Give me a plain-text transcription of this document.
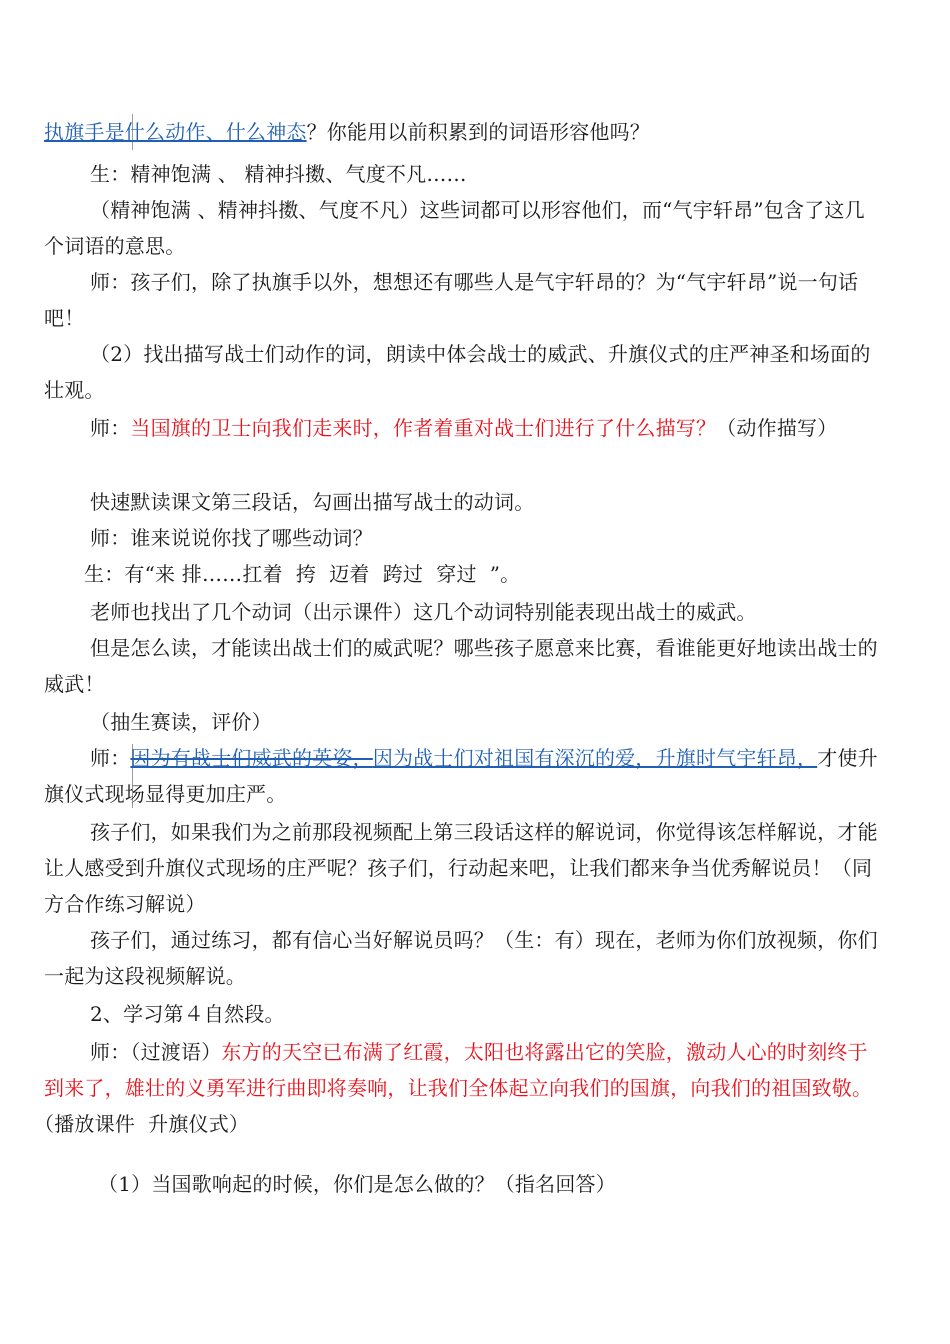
执旗手是什么动作、什么神态？你能用以前积累到的词语形容他吗？

生：精神饱满 、 精神抖擞、气度不凡……

（精神饱满 、精神抖擞、气度不凡）这些词都可以形容他们，而“气宇轩昂”包含了这几个词语的意思。

师：孩子们，除了执旗手以外，想想还有哪些人是气宇轩昂的？为“气宇轩昂”说一句话吧！

（2）找出描写战士们动作的词，朗读中体会战士的威武、升旗仪式的庄严神圣和场面的壮观。

师：当国旗的卫士向我们走来时，作者着重对战士们进行了什么描写？（动作描写）

快速默读课文第三段话，勾画出描写战士的动词。

师：谁来说说你找了哪些动词？

生：有“来 排……扛着  挎  迈着  跨过  穿过  ”。

老师也找出了几个动词（出示课件）这几个动词特别能表现出战士的威武。

但是怎么读，才能读出战士们的威武呢？哪些孩子愿意来比赛，看谁能更好地读出战士的威武！

（抽生赛读，评价）

师：因为有战士们威武的英姿，因为战士们对祖国有深沉的爱，升旗时气宇轩昂，才使升旗仪式现场显得更加庄严。

孩子们，如果我们为之前那段视频配上第三段话这样的解说词，你觉得该怎样解说，才能让人感受到升旗仪式现场的庄严呢？孩子们，行动起来吧，让我们都来争当优秀解说员！（同方合作练习解说）

孩子们，通过练习，都有信心当好解说员吗？（生：有）现在，老师为你们放视频，你们一起为这段视频解说。

2、学习第４自然段。

师：（过渡语）东方的天空已布满了红霞，太阳也将露出它的笑脸，激动人心的时刻终于到来了，雄壮的义勇军进行曲即将奏响，让我们全体起立向我们的国旗，向我们的祖国致敬。（播放课件  升旗仪式）

（1）当国歌响起的时候，你们是怎么做的？（指名回答）
